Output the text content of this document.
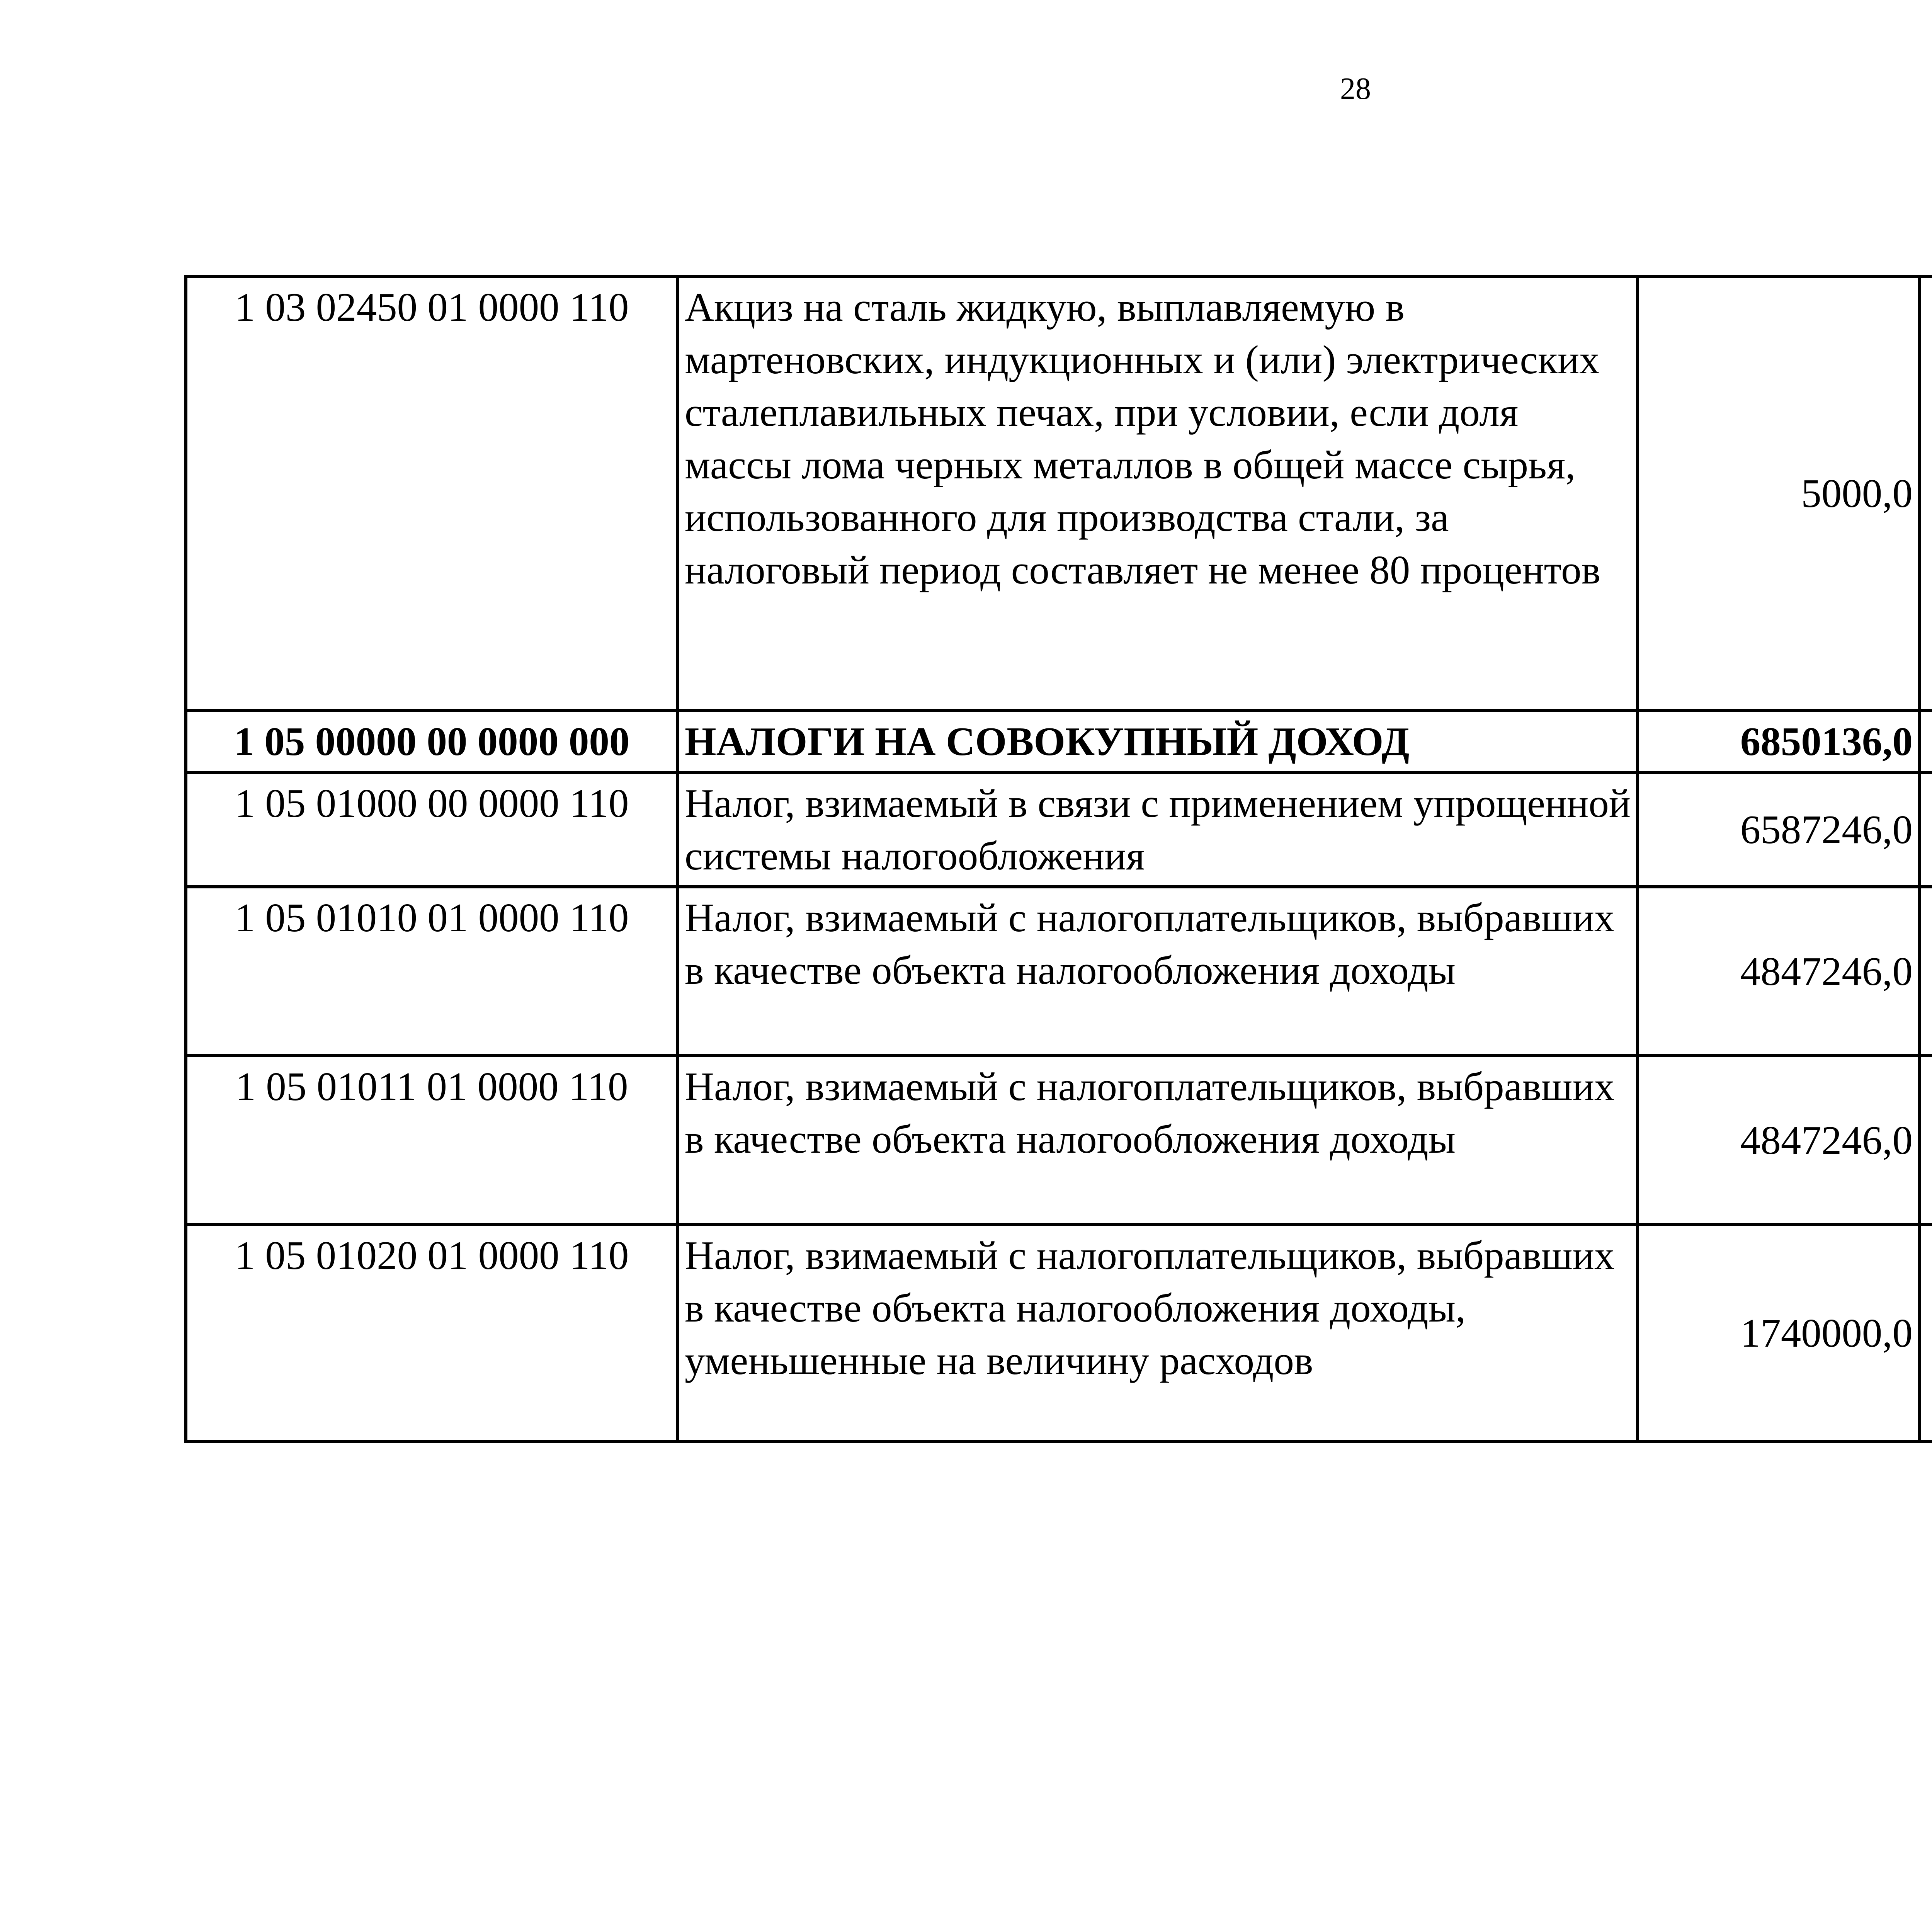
28
1 03 02450 01 0000 110	Акциз на сталь жидкую, выплавляемую в мартеновских, индукционных и (или) электрических сталеплавильных печах, при условии, если доля массы лома черных металлов в общей массе сырья, использованного для производства стали, за налоговый период составляет не менее 80 процентов	5000,0		
1 05 00000 00 0000 000	НАЛОГИ НА СОВОКУПНЫЙ ДОХОД	6850136,0		
1 05 01000 00 0000 110	Налог, взимаемый в связи с применением упрощенной системы налогообложения	6587246,0		
1 05 01010 01 0000 110	Налог, взимаемый с налогоплательщиков, выбравших в качестве объекта налогообложения доходы	4847246,0		
1 05 01011 01 0000 110	Налог, взимаемый с налогоплательщиков, выбравших в качестве объекта налогообложения доходы	4847246,0		
1 05 01020 01 0000 110	Налог, взимаемый с налогоплательщиков, выбравших в качестве объекта налогообложения доходы, уменьшенные на величину расходов	1740000,0		
